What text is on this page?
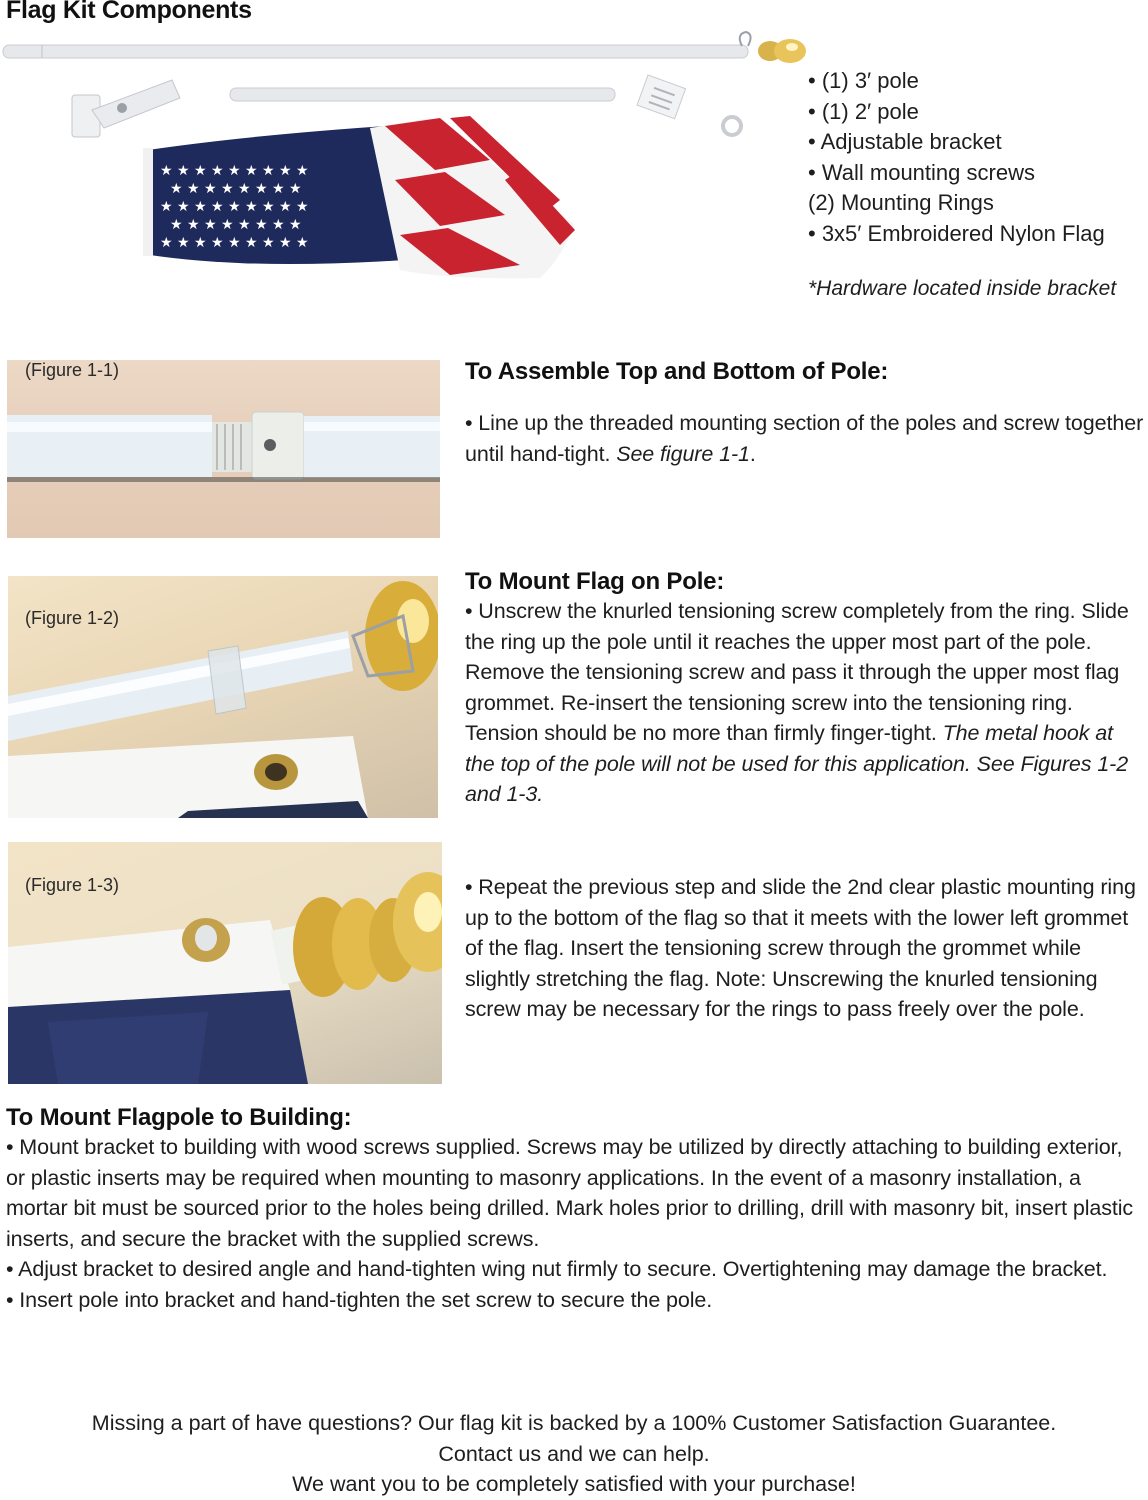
Flag Kit Components
★ ★ ★ ★ ★ ★ ★ ★ ★
★ ★ ★ ★ ★ ★ ★ ★
★ ★ ★ ★ ★ ★ ★ ★ ★
★ ★ ★ ★ ★ ★ ★ ★
★ ★ ★ ★ ★ ★ ★ ★ ★
• (1) 3′ pole
• (1) 2′ pole
• Adjustable bracket
• Wall mounting screws
(2) Mounting Rings
• 3x5′ Embroidered Nylon Flag
*Hardware located inside bracket
(Figure 1-1)	To Assemble Top and Bottom of Pole:

• Line up the threaded mounting section of the poles and screw together until hand-tight. See figure 1-1.

(Figure 1-2)
To Mount Flag on Pole:

• Unscrew the knurled tensioning screw completely from the ring. Slide the ring up the pole until it reaches the upper most part of the pole. Remove the tensioning screw and pass it through the upper most flag grommet. Re-insert the tensioning screw into the tensioning ring. Tension should be no more than firmly finger-tight. The metal hook at the top of the pole will not be used for this application. See Figures 1-2 and 1-3.

(Figure 1-3)	• Repeat the previous step and slide the 2nd clear plastic mounting ring up to the bottom of the flag so that it meets with the lower left grommet of the flag. Insert the tensioning screw through the grommet while slightly stretching the flag. Note: Unscrewing the knurled tensioning screw may be necessary for the rings to pass freely over the pole.

To Mount Flagpole to Building:

• Mount bracket to building with wood screws supplied. Screws may be utilized by directly attaching to building exterior, or plastic inserts may be required when mounting to masonry applications. In the event of a masonry installation, a mortar bit must be sourced prior to the holes being drilled. Mark holes prior to drilling, drill with masonry bit, insert plastic inserts, and secure the bracket with the supplied screws.

• Adjust bracket to desired angle and hand-tighten wing nut firmly to secure. Overtightening may damage the bracket.

• Insert pole into bracket and hand-tighten the set screw to secure the pole.

Missing a part of have questions? Our flag kit is backed by a 100% Customer Satisfaction Guarantee.

Contact us and we can help.

We want you to be completely satisfied with your purchase!
